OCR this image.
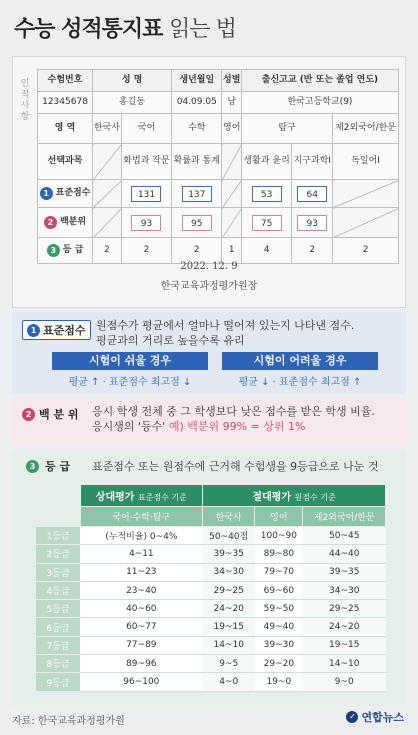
수능 성적통지표 읽는 법
인적사항
수험번호	성 명		생년월일	성별	출신고교 (반 또는 졸업 연도)		
12345678	홍길동		04.09.05	남	한국고등학교(9)		
영 역	한국사	국어	수학	영어	탐구		제2외국어/한문
선택과목		화법과 작문	확률과 통계		생활과 윤리	지구과학Ⅰ	독일어Ⅰ

1 표준점수		131	137		53	64	

2 백분위		93	95		75	93	

3 등 급	2	2	2	1	4	2	2
2022. 12. 9
한국교육과정평가원장
1 표준점수 원점수가 평균에서 얼마나 떨어져 있는지 나타낸 점수.
평균과의 거리로 높을수록 유리
시험이 쉬울 경우	시험이 어려울 경우
평균 ↑ · 표준점수 최고점 ↓	평균 ↓ · 표준점수 최고점 ↑
2 백 분 위 응시 학생 전체 중 그 학생보다 낮은 점수를 받은 학생 비율.
응시생의 '등수' 예) 백분위 99% = 상위 1%
3 등 급 표준점수 또는 원점수에 근거해 수험생을 9등급으로 나눈 것
	상대평가 표준점수 기준	절대평가 원점수 기준		
	국어·수학·탐구	한국사	영어	제2외국어/한문
1등급	(누적비율) 0~4%	50~40점	100~90	50~45
2등급	4~11	39~35	89~80	44~40
3등급	11~23	34~30	79~70	39~35
4등급	23~40	29~25	69~60	34~30
5등급	40~60	24~20	59~50	29~25
6등급	60~77	19~15	49~40	24~20
7등급	77~89	14~10	39~30	19~15
8등급	89~96	9~5	29~20	14~10
9등급	96~100	4~0	19~0	9~0
자료: 한국교육과정평가원	✓ 연합뉴스
